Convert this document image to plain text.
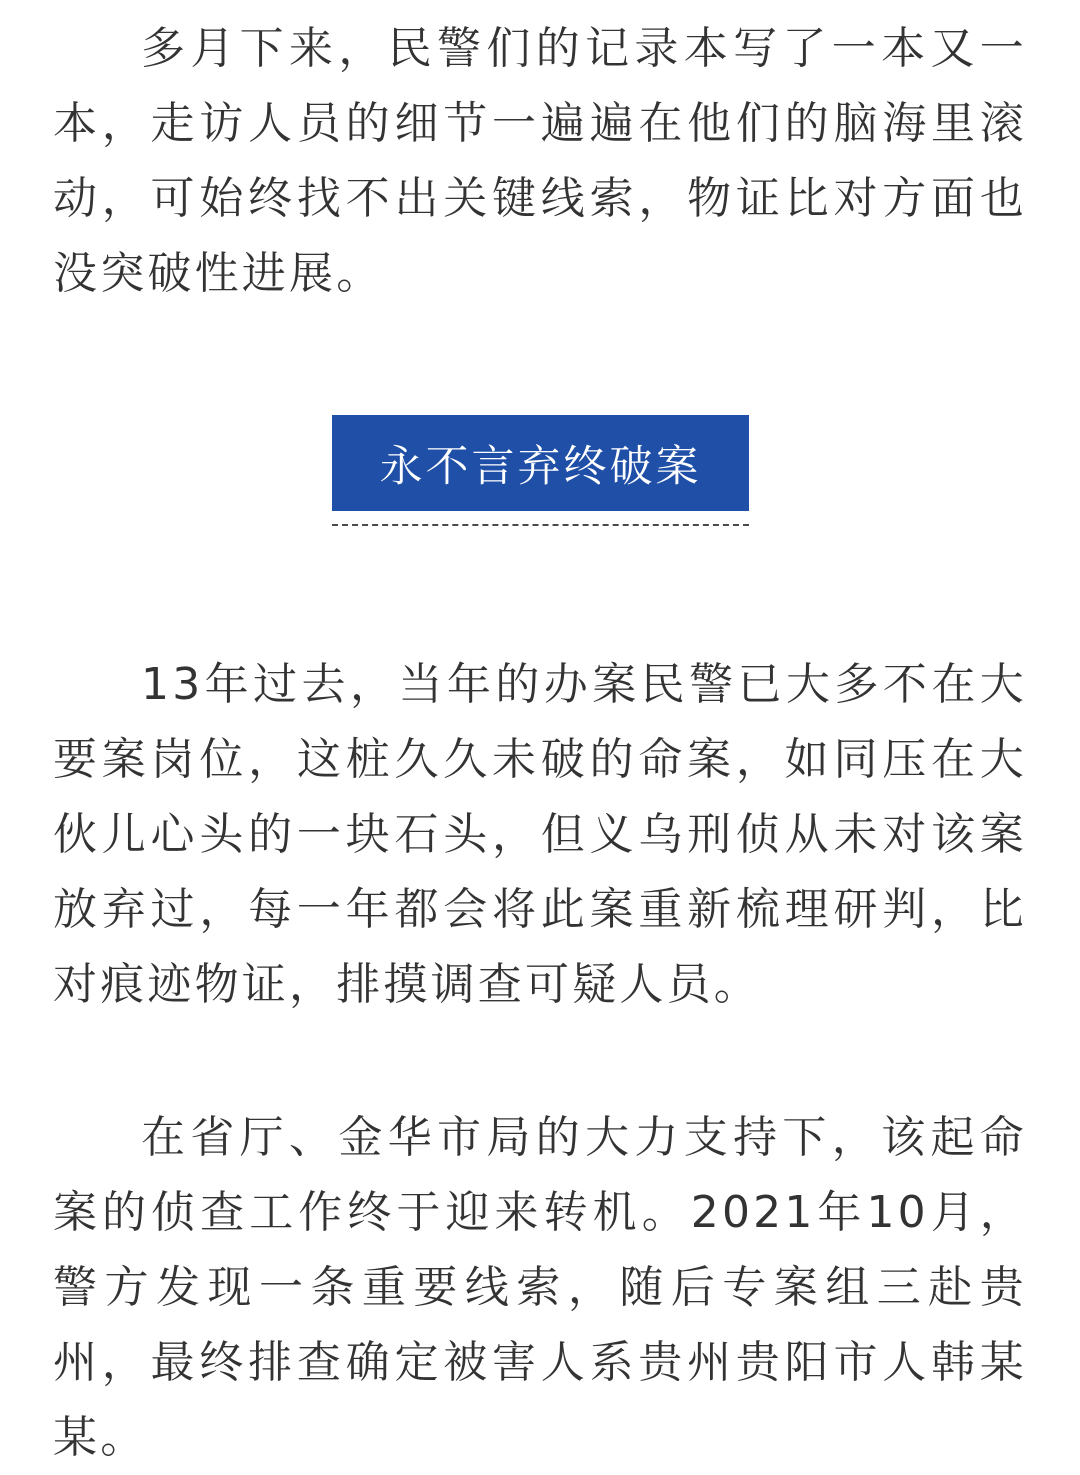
多月下来，民警们的记录本写了一本又一本，走访人员的细节一遍遍在他们的脑海里滚动，可始终找不出关键线索，物证比对方面也没突破性进展。

永不言弃终破案

13年过去，当年的办案民警已大多不在大要案岗位，这桩久久未破的命案，如同压在大伙儿心头的一块石头，但义乌刑侦从未对该案放弃过，每一年都会将此案重新梳理研判，比对痕迹物证，排摸调查可疑人员。

在省厅、金华市局的大力支持下，该起命案的侦查工作终于迎来转机。2021年10月，警方发现一条重要线索，随后专案组三赴贵州，最终排查确定被害人系贵州贵阳市人韩某某。
